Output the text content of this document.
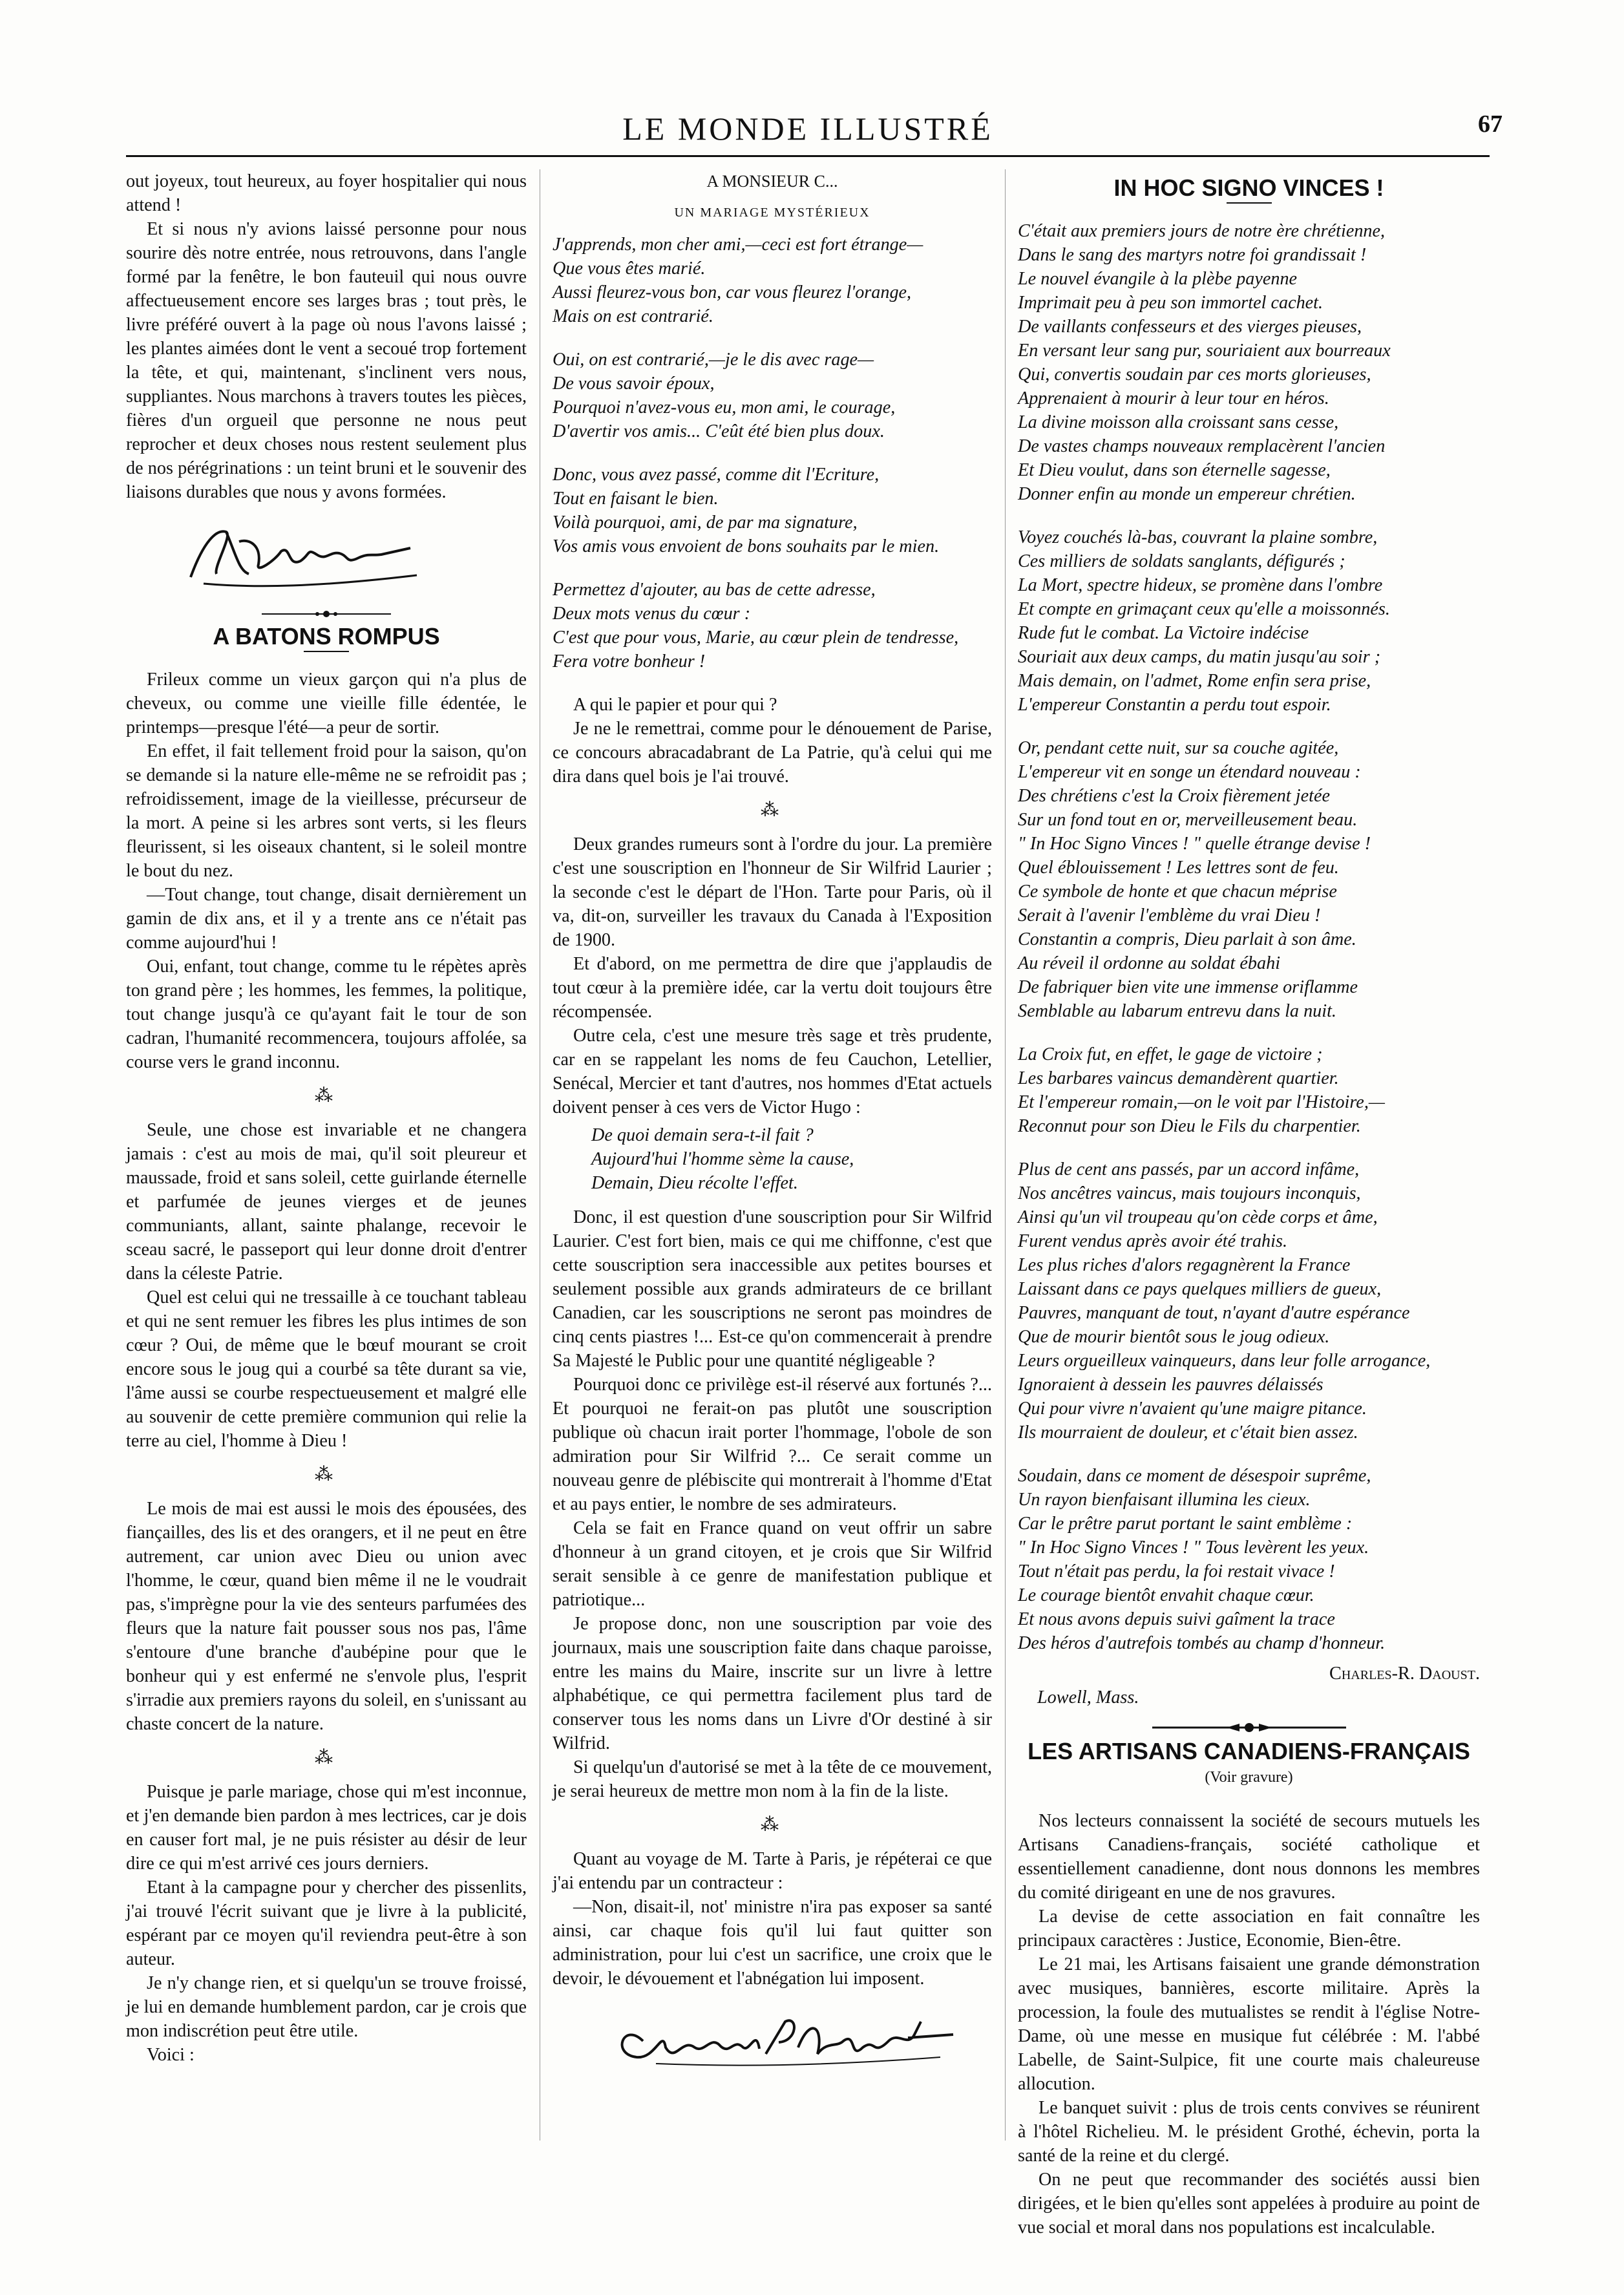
LE MONDE ILLUSTRÉ	67

out joyeux, tout heureux, au foyer hospitalier qui nous attend !

Et si nous n'y avions laissé personne pour nous sourire dès notre entrée, nous retrouvons, dans l'angle formé par la fenêtre, le bon fauteuil qui nous ouvre affectueusement encore ses larges bras ; tout près, le livre préféré ouvert à la page où nous l'avons laissé ; les plantes aimées dont le vent a secoué trop fortement la tête, et qui, maintenant, s'inclinent vers nous, suppliantes. Nous marchons à travers toutes les pièces, fières d'un orgueil que personne ne nous peut reprocher et deux choses nous restent seulement plus de nos pérégrinations : un teint bruni et le souvenir des liaisons durables que nous y avons formées.

A BATONS ROMPUS

Frileux comme un vieux garçon qui n'a plus de cheveux, ou comme une vieille fille édentée, le printemps—presque l'été—a peur de sortir.

En effet, il fait tellement froid pour la saison, qu'on se demande si la nature elle-même ne se refroidit pas ; refroidissement, image de la vieillesse, précurseur de la mort. A peine si les arbres sont verts, si les fleurs fleurissent, si les oiseaux chantent, si le soleil montre le bout du nez.

—Tout change, tout change, disait dernièrement un gamin de dix ans, et il y a trente ans ce n'était pas comme aujourd'hui !

Oui, enfant, tout change, comme tu le répètes après ton grand père ; les hommes, les femmes, la politique, tout change jusqu'à ce qu'ayant fait le tour de son cadran, l'humanité recommencera, toujours affolée, sa course vers le grand inconnu.

⁂

Seule, une chose est invariable et ne changera jamais : c'est au mois de mai, qu'il soit pleureur et maussade, froid et sans soleil, cette guirlande éternelle et parfumée de jeunes vierges et de jeunes communiants, allant, sainte phalange, recevoir le sceau sacré, le passeport qui leur donne droit d'entrer dans la céleste Patrie.

Quel est celui qui ne tressaille à ce touchant tableau et qui ne sent remuer les fibres les plus intimes de son cœur ? Oui, de même que le bœuf mourant se croit encore sous le joug qui a courbé sa tête durant sa vie, l'âme aussi se courbe respectueusement et malgré elle au souvenir de cette première communion qui relie la terre au ciel, l'homme à Dieu !

⁂

Le mois de mai est aussi le mois des épousées, des fiançailles, des lis et des orangers, et il ne peut en être autrement, car union avec Dieu ou union avec l'homme, le cœur, quand bien même il ne le voudrait pas, s'imprègne pour la vie des senteurs parfumées des fleurs que la nature fait pousser sous nos pas, l'âme s'entoure d'une branche d'aubépine pour que le bonheur qui y est enfermé ne s'envole plus, l'esprit s'irradie aux premiers rayons du soleil, en s'unissant au chaste concert de la nature.

⁂

Puisque je parle mariage, chose qui m'est inconnue, et j'en demande bien pardon à mes lectrices, car je dois en causer fort mal, je ne puis résister au désir de leur dire ce qui m'est arrivé ces jours derniers.

Etant à la campagne pour y chercher des pissenlits, j'ai trouvé l'écrit suivant que je livre à la publicité, espérant par ce moyen qu'il reviendra peut-être à son auteur.

Je n'y change rien, et si quelqu'un se trouve froissé, je lui en demande humblement pardon, car je crois que mon indiscrétion peut être utile.

Voici :

A MONSIEUR C...
UN MARIAGE MYSTÉRIEUX
J'apprends, mon cher ami,—ceci est fort étrange—
Que vous êtes marié.
Aussi fleurez-vous bon, car vous fleurez l'orange,
Mais on est contrarié.
Oui, on est contrarié,—je le dis avec rage—
De vous savoir époux,
Pourquoi n'avez-vous eu, mon ami, le courage,
D'avertir vos amis... C'eût été bien plus doux.
Donc, vous avez passé, comme dit l'Ecriture,
Tout en faisant le bien.
Voilà pourquoi, ami, de par ma signature,
Vos amis vous envoient de bons souhaits par le mien.
Permettez d'ajouter, au bas de cette adresse,
Deux mots venus du cœur :
C'est que pour vous, Marie, au cœur plein de tendresse,
Fera votre bonheur !

A qui le papier et pour qui ?

Je ne le remettrai, comme pour le dénouement de Parise, ce concours abracadabrant de La Patrie, qu'à celui qui me dira dans quel bois je l'ai trouvé.

⁂

Deux grandes rumeurs sont à l'ordre du jour. La première c'est une souscription en l'honneur de Sir Wilfrid Laurier ; la seconde c'est le départ de l'Hon. Tarte pour Paris, où il va, dit-on, surveiller les travaux du Canada à l'Exposition de 1900.

Et d'abord, on me permettra de dire que j'applaudis de tout cœur à la première idée, car la vertu doit toujours être récompensée.

Outre cela, c'est une mesure très sage et très prudente, car en se rappelant les noms de feu Cauchon, Letellier, Senécal, Mercier et tant d'autres, nos hommes d'Etat actuels doivent penser à ces vers de Victor Hugo :

De quoi demain sera-t-il fait ?
Aujourd'hui l'homme sème la cause,
Demain, Dieu récolte l'effet.

Donc, il est question d'une souscription pour Sir Wilfrid Laurier. C'est fort bien, mais ce qui me chiffonne, c'est que cette souscription sera inaccessible aux petites bourses et seulement possible aux grands admirateurs de ce brillant Canadien, car les souscriptions ne seront pas moindres de cinq cents piastres !... Est-ce qu'on commencerait à prendre Sa Majesté le Public pour une quantité négligeable ?

Pourquoi donc ce privilège est-il réservé aux fortunés ?... Et pourquoi ne ferait-on pas plutôt une souscription publique où chacun irait porter l'hommage, l'obole de son admiration pour Sir Wilfrid ?... Ce serait comme un nouveau genre de plébiscite qui montrerait à l'homme d'Etat et au pays entier, le nombre de ses admirateurs.

Cela se fait en France quand on veut offrir un sabre d'honneur à un grand citoyen, et je crois que Sir Wilfrid serait sensible à ce genre de manifestation publique et patriotique...

Je propose donc, non une souscription par voie des journaux, mais une souscription faite dans chaque paroisse, entre les mains du Maire, inscrite sur un livre à lettre alphabétique, ce qui permettra facilement plus tard de conserver tous les noms dans un Livre d'Or destiné à sir Wilfrid.

Si quelqu'un d'autorisé se met à la tête de ce mouvement, je serai heureux de mettre mon nom à la fin de la liste.

⁂

Quant au voyage de M. Tarte à Paris, je répéterai ce que j'ai entendu par un contracteur :

—Non, disait-il, not' ministre n'ira pas exposer sa santé ainsi, car chaque fois qu'il lui faut quitter son administration, pour lui c'est un sacrifice, une croix que le devoir, le dévouement et l'abnégation lui imposent.

IN HOC SIGNO VINCES !
C'était aux premiers jours de notre ère chrétienne,
Dans le sang des martyrs notre foi grandissait !
Le nouvel évangile à la plèbe payenne
Imprimait peu à peu son immortel cachet.
De vaillants confesseurs et des vierges pieuses,
En versant leur sang pur, souriaient aux bourreaux
Qui, convertis soudain par ces morts glorieuses,
Apprenaient à mourir à leur tour en héros.
La divine moisson alla croissant sans cesse,
De vastes champs nouveaux remplacèrent l'ancien
Et Dieu voulut, dans son éternelle sagesse,
Donner enfin au monde un empereur chrétien.
Voyez couchés là-bas, couvrant la plaine sombre,
Ces milliers de soldats sanglants, défigurés ;
La Mort, spectre hideux, se promène dans l'ombre
Et compte en grimaçant ceux qu'elle a moissonnés.
Rude fut le combat. La Victoire indécise
Souriait aux deux camps, du matin jusqu'au soir ;
Mais demain, on l'admet, Rome enfin sera prise,
L'empereur Constantin a perdu tout espoir.
Or, pendant cette nuit, sur sa couche agitée,
L'empereur vit en songe un étendard nouveau :
Des chrétiens c'est la Croix fièrement jetée
Sur un fond tout en or, merveilleusement beau.
" In Hoc Signo Vinces ! " quelle étrange devise !
Quel éblouissement ! Les lettres sont de feu.
Ce symbole de honte et que chacun méprise
Serait à l'avenir l'emblème du vrai Dieu !
Constantin a compris, Dieu parlait à son âme.
Au réveil il ordonne au soldat ébahi
De fabriquer bien vite une immense oriflamme
Semblable au labarum entrevu dans la nuit.
La Croix fut, en effet, le gage de victoire ;
Les barbares vaincus demandèrent quartier.
Et l'empereur romain,—on le voit par l'Histoire,—
Reconnut pour son Dieu le Fils du charpentier.
Plus de cent ans passés, par un accord infâme,
Nos ancêtres vaincus, mais toujours inconquis,
Ainsi qu'un vil troupeau qu'on cède corps et âme,
Furent vendus après avoir été trahis.
Les plus riches d'alors regagnèrent la France
Laissant dans ce pays quelques milliers de gueux,
Pauvres, manquant de tout, n'ayant d'autre espérance
Que de mourir bientôt sous le joug odieux.
Leurs orgueilleux vainqueurs, dans leur folle arrogance,
Ignoraient à dessein les pauvres délaissés
Qui pour vivre n'avaient qu'une maigre pitance.
Ils mourraient de douleur, et c'était bien assez.
Soudain, dans ce moment de désespoir suprême,
Un rayon bienfaisant illumina les cieux.
Car le prêtre parut portant le saint emblème :
" In Hoc Signo Vinces ! " Tous levèrent les yeux.
Tout n'était pas perdu, la foi restait vivace !
Le courage bientôt envahit chaque cœur.
Et nous avons depuis suivi gaîment la trace
Des héros d'autrefois tombés au champ d'honneur.
Charles-R. Daoust.
Lowell, Mass.
LES ARTISANS CANADIENS-FRANÇAIS
(Voir gravure)

Nos lecteurs connaissent la société de secours mutuels les Artisans Canadiens-français, société catholique et essentiellement canadienne, dont nous donnons les membres du comité dirigeant en une de nos gravures.

La devise de cette association en fait connaître les principaux caractères : Justice, Economie, Bien-être.

Le 21 mai, les Artisans faisaient une grande démonstration avec musiques, bannières, escorte militaire. Après la procession, la foule des mutualistes se rendit à l'église Notre-Dame, où une messe en musique fut célébrée : M. l'abbé Labelle, de Saint-Sulpice, fit une courte mais chaleureuse allocution.

Le banquet suivit : plus de trois cents convives se réunirent à l'hôtel Richelieu. M. le président Grothé, échevin, porta la santé de la reine et du clergé.

On ne peut que recommander des sociétés aussi bien dirigées, et le bien qu'elles sont appelées à produire au point de vue social et moral dans nos populations est incalculable.
